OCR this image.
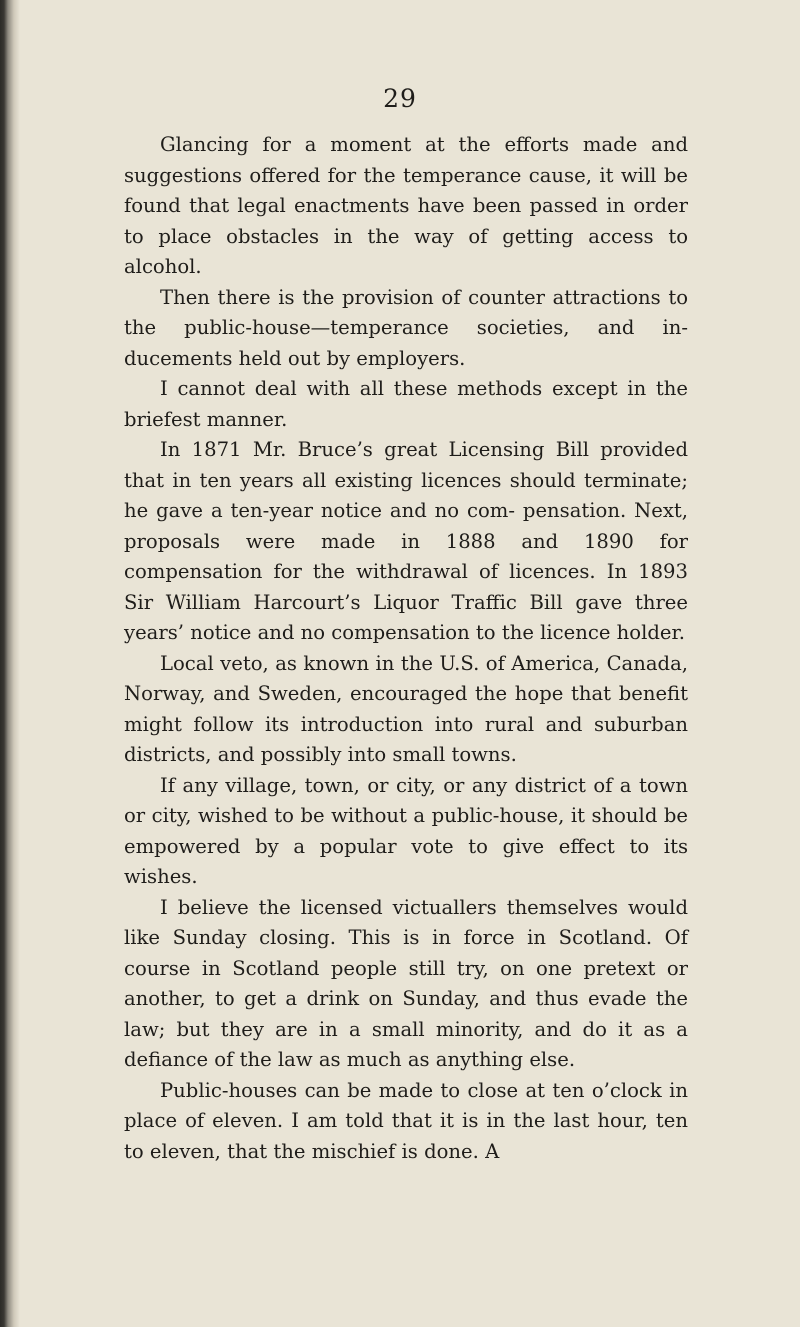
29

Glancing for a moment at the efforts made and suggestions offered for the temperance cause, it will be found that legal enactments have been passed in order to place obstacles in the way of getting access to alcohol.

Then there is the provision of counter attractions to the public-house—temperance societies, and in- ducements held out by employers.

I cannot deal with all these methods except in the briefest manner.

In 1871 Mr. Bruce’s great Licensing Bill provided that in ten years all existing licences should terminate; he gave a ten-year notice and no com- pensation. Next, proposals were made in 1888 and 1890 for compensation for the withdrawal of licences. In 1893 Sir William Harcourt’s Liquor Traffic Bill gave three years’ notice and no compensation to the licence holder.

Local veto, as known in the U.S. of America, Canada, Norway, and Sweden, encouraged the hope that benefit might follow its introduction into rural and suburban districts, and possibly into small towns.

If any village, town, or city, or any district of a town or city, wished to be without a public-house, it should be empowered by a popular vote to give effect to its wishes.

I believe the licensed victuallers themselves would like Sunday closing. This is in force in Scotland. Of course in Scotland people still try, on one pretext or another, to get a drink on Sunday, and thus evade the law; but they are in a small minority, and do it as a defiance of the law as much as anything else.

Public-houses can be made to close at ten o’clock in place of eleven. I am told that it is in the last hour, ten to eleven, that the mischief is done. A
